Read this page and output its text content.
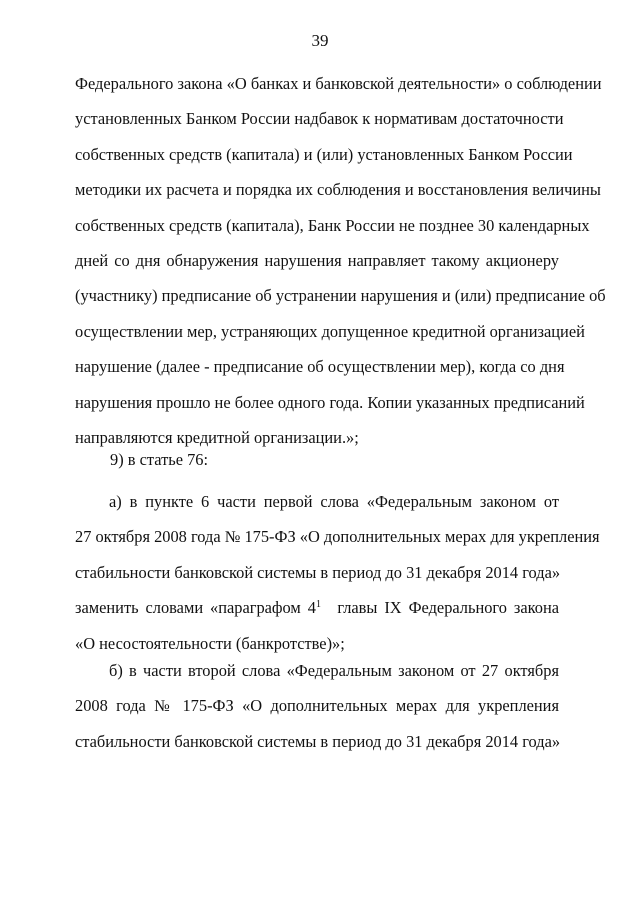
39
Федерального закона «О банках и банковской деятельности» о соблюдении
установленных Банком России надбавок к нормативам достаточности
собственных средств (капитала) и (или) установленных Банком России
методики их расчета и порядка их соблюдения и восстановления величины
собственных средств (капитала), Банк России не позднее 30 календарных
дней со дня обнаружения нарушения направляет такому акционеру
(участнику) предписание об устранении нарушения и (или) предписание об
осуществлении мер, устраняющих допущенное кредитной организацией
нарушение (далее - предписание об осуществлении мер), когда со дня
нарушения прошло не более одного года. Копии указанных предписаний
направляются кредитной организации.»;
9) в статье 76:
а) в пункте 6 части первой слова «Федеральным законом от
27 октября 2008 года № 175-ФЗ «О дополнительных мерах для укрепления
стабильности банковской системы в период до 31 декабря 2014 года»
заменить словами «параграфом $4^1$  главы IX Федерального закона
«О несостоятельности (банкротстве)»;
б) в части второй слова «Федеральным законом от 27 октября
2008 года № 175-ФЗ «О дополнительных мерах для укрепления
стабильности банковской системы в период до 31 декабря 2014 года»
